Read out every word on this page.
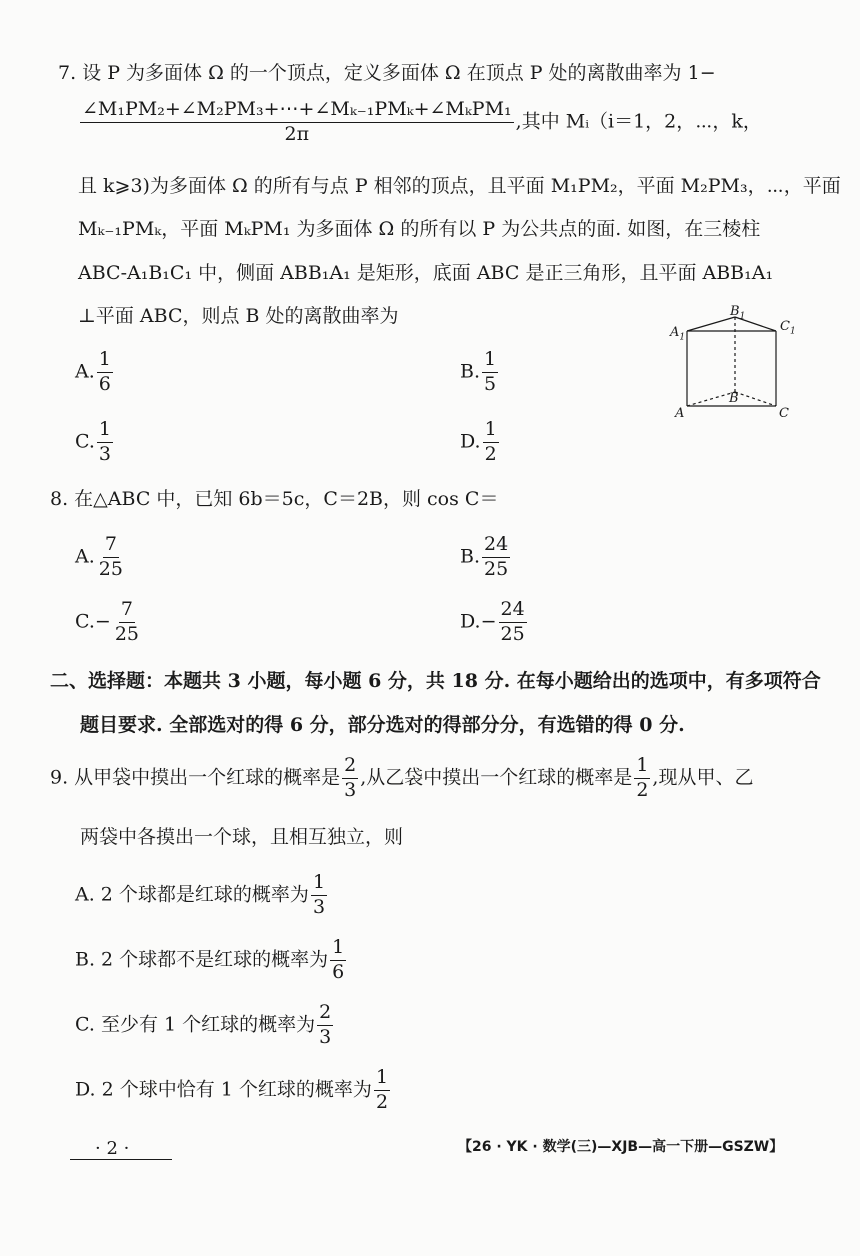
7. 设 P 为多面体 Ω 的一个顶点，定义多面体 Ω 在顶点 P 处的离散曲率为 1−
$\frac{\text{∠M₁PM₂+∠M₂PM₃+⋯+∠Mₖ₋₁PMₖ+∠MₖPM₁}}{2\pi}$ ,其中 Mᵢ（i＝1，2，⋯，k，
且 k⩾3)为多面体 Ω 的所有与点 P 相邻的顶点，且平面 M₁PM₂，平面 M₂PM₃，⋯，平面
Mₖ₋₁PMₖ，平面 MₖPM₁ 为多面体 Ω 的所有以 P 为公共点的面. 如图，在三棱柱
ABC-A₁B₁C₁ 中，侧面 ABB₁A₁ 是矩形，底面 ABC 是正三角形，且平面 ABB₁A₁
⊥平面 ABC，则点 B 处的离散曲率为
A. $\frac{1}{6}$	B. $\frac{1}{5}$
C. $\frac{1}{3}$	D. $\frac{1}{2}$
$A_1$
$B_1$
$C_1$
A
B
C
8. 在△ABC 中，已知 6b＝5c，C＝2B，则 cos C＝
A. $\frac{7}{25}$	B. $\frac{24}{25}$
$C.- \frac{7}{25}$	$D.- \frac{24}{25}$
二、选择题：本题共 3 小题，每小题 6 分，共 18 分. 在每小题给出的选项中，有多项符合
题目要求. 全部选对的得 6 分，部分选对的得部分分，有选错的得 0 分.
9. 从甲袋中摸出一个红球的概率是 $\frac{2}{3}$ ,从乙袋中摸出一个红球的概率是 $\frac{1}{2}$ ,现从甲、乙
两袋中各摸出一个球，且相互独立，则
A. 2 个球都是红球的概率为 $\frac{1}{3}$
B. 2 个球都不是红球的概率为 $\frac{1}{6}$
C. 至少有 1 个红球的概率为 $\frac{2}{3}$
D. 2 个球中恰有 1 个红球的概率为 $\frac{1}{2}$
· 2 ·	【26 · YK · 数学(三)—XJB—高一下册—GSZW】
